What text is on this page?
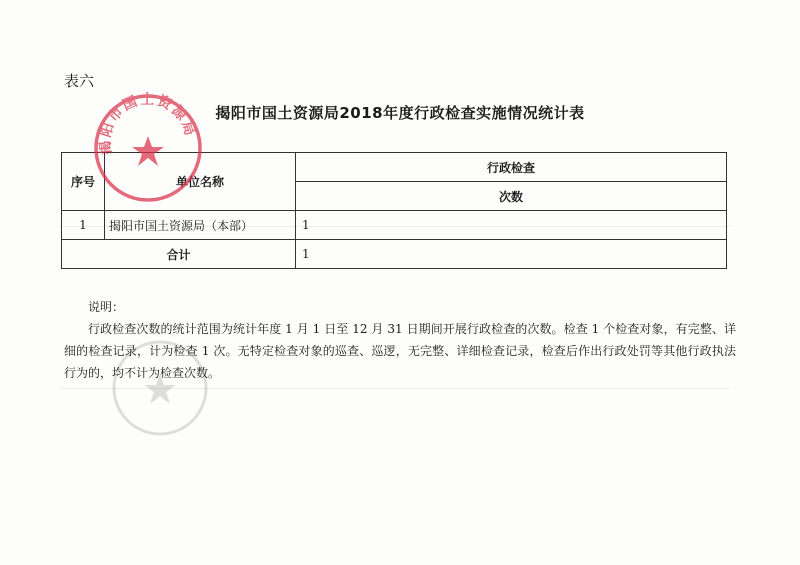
表六
揭阳市国土资源局2018年度行政检查实施情况统计表
序号	单位名称	行政检查
		次数
1	揭阳市国土资源局（本部）	1
合计		1
说明：
行政检查次数的统计范围为统计年度 1 月 1 日至 12 月 31 日期间开展行政检查的次数。检查 1 个检查对象，有完整、详细的检查记录，计为检查 1 次。无特定检查对象的巡查、巡逻，无完整、详细检查记录，检查后作出行政处罚等其他行政执法行为的，均不计为检查次数。
揭阳市国土资源局
